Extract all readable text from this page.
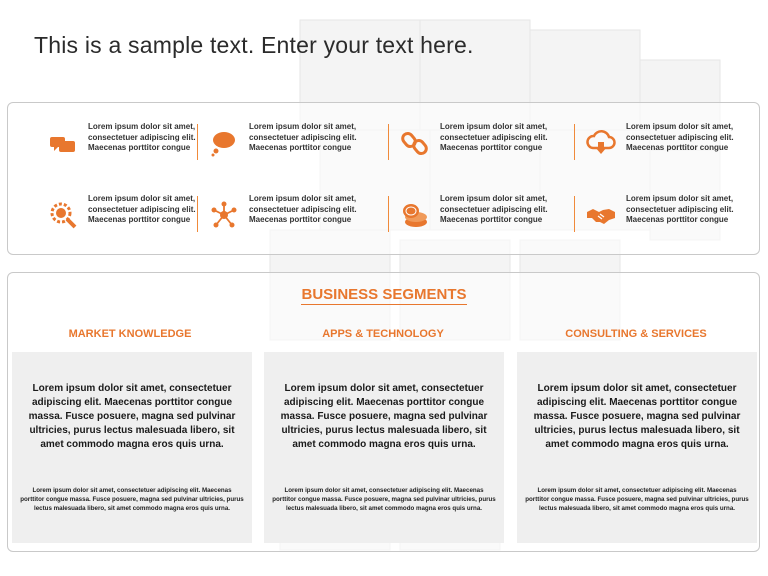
This is a sample text. Enter your text here.
Lorem ipsum dolor sit amet, consectetuer adipiscing elit. Maecenas porttitor congue
Lorem ipsum dolor sit amet, consectetuer adipiscing elit. Maecenas porttitor congue
Lorem ipsum dolor sit amet, consectetuer adipiscing elit. Maecenas porttitor congue
Lorem ipsum dolor sit amet, consectetuer adipiscing elit. Maecenas porttitor congue
Lorem ipsum dolor sit amet, consectetuer adipiscing elit. Maecenas porttitor congue
Lorem ipsum dolor sit amet, consectetuer adipiscing elit. Maecenas porttitor congue
Lorem ipsum dolor sit amet, consectetuer adipiscing elit. Maecenas porttitor congue
Lorem ipsum dolor sit amet, consectetuer adipiscing elit. Maecenas porttitor congue
BUSINESS SEGMENTS
MARKET KNOWLEDGE	APPS & TECHNOLOGY	CONSULTING & SERVICES
Lorem ipsum dolor sit amet, consectetuer adipiscing elit. Maecenas porttitor congue massa. Fusce posuere, magna sed pulvinar ultricies, purus lectus malesuada libero, sit amet commodo magna eros quis urna.
Lorem ipsum dolor sit amet, consectetuer adipiscing elit. Maecenas porttitor congue massa. Fusce posuere, magna sed pulvinar ultricies, purus lectus malesuada libero, sit amet commodo magna eros quis urna.
Lorem ipsum dolor sit amet, consectetuer adipiscing elit. Maecenas porttitor congue massa. Fusce posuere, magna sed pulvinar ultricies, purus lectus malesuada libero, sit amet commodo magna eros quis urna.
Lorem ipsum dolor sit amet, consectetuer adipiscing elit. Maecenas porttitor congue massa. Fusce posuere, magna sed pulvinar ultricies, purus lectus malesuada libero, sit amet commodo magna eros quis urna.
Lorem ipsum dolor sit amet, consectetuer adipiscing elit. Maecenas porttitor congue massa. Fusce posuere, magna sed pulvinar ultricies, purus lectus malesuada libero, sit amet commodo magna eros quis urna.
Lorem ipsum dolor sit amet, consectetuer adipiscing elit. Maecenas porttitor congue massa. Fusce posuere, magna sed pulvinar ultricies, purus lectus malesuada libero, sit amet commodo magna eros quis urna.
